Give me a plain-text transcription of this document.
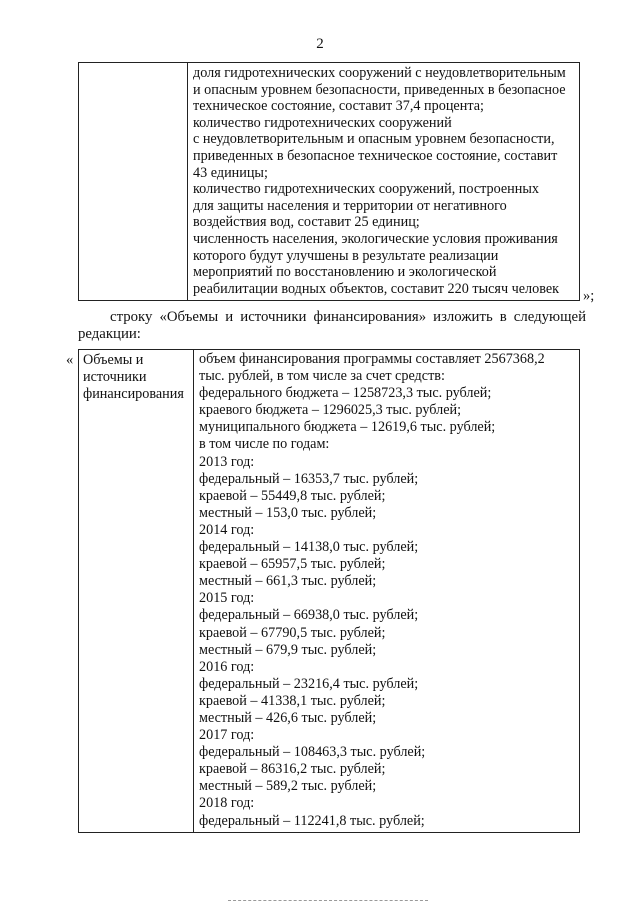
2

доля гидротехнических сооружений с неудовлетворительным
и опасным уровнем безопасности, приведенных в безопасное
техническое состояние, составит 37,4 процента;
количество гидротехнических сооружений
с неудовлетворительным и опасным уровнем безопасности,
приведенных в безопасное техническое состояние, составит
43 единицы;
количество гидротехнических сооружений, построенных
для защиты населения и территории от негативного
воздействия вод, составит 25 единиц;
численность населения, экологические условия проживания
которого будут улучшены в результате реализации
мероприятий по восстановлению и экологической
реабилитации водных объектов, составит 220 тысяч человек	»;
строку «Объемы и источники финансирования» изложить в следующей
редакции:
« Объемы и
источники
финансирования

объем финансирования программы составляет 2567368,2
тыс. рублей, в том числе за счет средств:
федерального бюджета – 1258723,3 тыс. рублей;
краевого бюджета – 1296025,3 тыс. рублей;
муниципального бюджета – 12619,6 тыс. рублей;
в том числе по годам:
2013 год:
федеральный – 16353,7 тыс. рублей;
краевой – 55449,8 тыс. рублей;
местный – 153,0 тыс. рублей;
2014 год:
федеральный – 14138,0 тыс. рублей;
краевой – 65957,5 тыс. рублей;
местный – 661,3 тыс. рублей;
2015 год:
федеральный – 66938,0 тыс. рублей;
краевой – 67790,5 тыс. рублей;
местный – 679,9 тыс. рублей;
2016 год:
федеральный – 23216,4 тыс. рублей;
краевой – 41338,1 тыс. рублей;
местный – 426,6 тыс. рублей;
2017 год:
федеральный – 108463,3 тыс. рублей;
краевой – 86316,2 тыс. рублей;
местный – 589,2 тыс. рублей;
2018 год:
федеральный – 112241,8 тыс. рублей;
